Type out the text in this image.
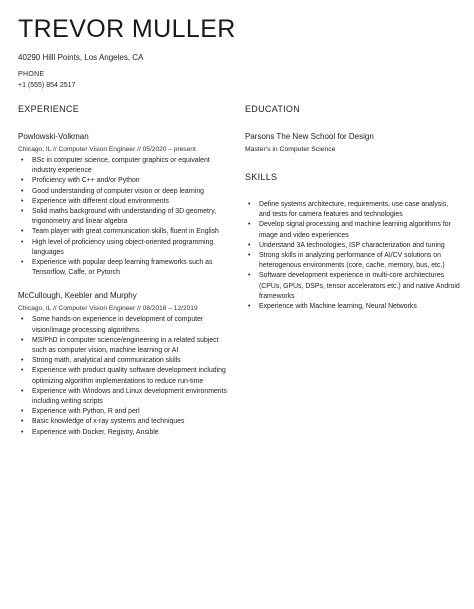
TREVOR MULLER
40290 Hilll Points, Los Angeles, CA
PHONE
+1 (555) 854 2517
EXPERIENCE
Powlowski-Volkman
Chicago, IL // Computer Vision Engineer // 05/2020 – present
• BSc in computer science, computer graphics or equivalent industry experience
• Proficiency with C++ and/or Python
• Good understanding of computer vision or deep learning
• Experience with different cloud environments
• Solid maths background with understanding of 3D geometry, trigonometry and linear algebra
• Team player with great communication skills, fluent in English
• High level of proficiency using object-oriented programming languages
• Experience with popular deep learning frameworks such as Tensorflow, Caffe, or Pytorch
McCullough, Keebler and Murphy
Chicago, IL // Computer Vision Engineer // 08/2016 – 12/2019
• Some hands-on experience in development of computer vision/image processing algorithms
• MS/PhD in computer science/engineering in a related subject such as computer vision, machine learning or AI
• Strong math, analytical and communication skills
• Experience with product quality software development including optimizing algorithm implementations to reduce run-time
• Experience with Windows and Linux development environments including writing scripts
• Experience with Python, R and perl
• Basic knowledge of x-ray systems and techniques
• Experience with Docker, Registry, Ansible
EDUCATION
Parsons The New School for Design
Master's in Computer Science
SKILLS
• Define systems architecture, requirements, use case analysis, and tests for camera features and technologies
• Develop signal processing and machine learning algorithms for image and video experiences
• Understand 3A technologies, ISP characterization and tuning
• Strong skills in analyzing performance of AI/CV solutions on heterogenous environments (core, cache, memory, bus, etc.)
• Software development experience in multi-core architectures (CPUs, GPUs, DSPs, tensor accelerators etc.) and native Android frameworks
• Experience with Machine learning, Neural Networks
